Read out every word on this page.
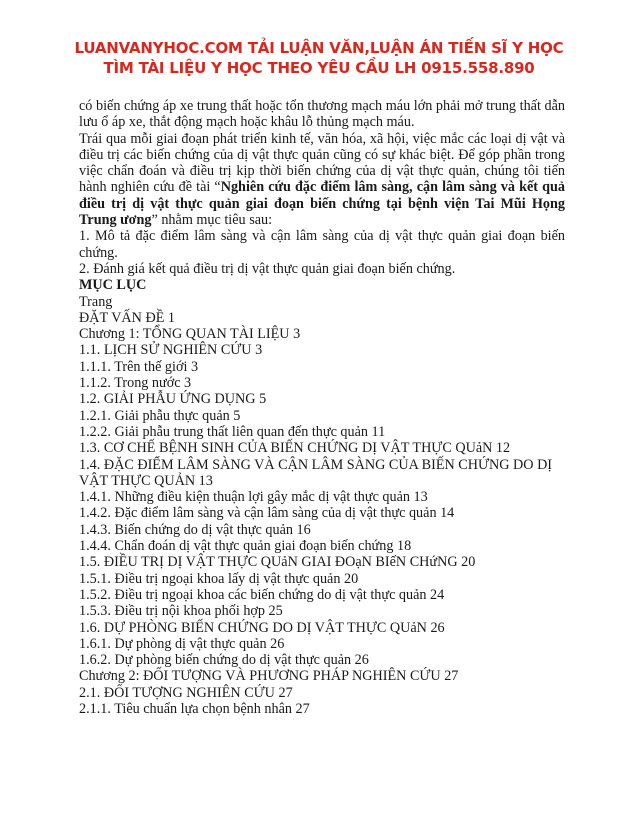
LUANVANYHOC.COM TẢI LUẬN VĂN,LUẬN ÁN TIẾN SĨ Y HỌC
TÌM TÀI LIỆU Y HỌC THEO YÊU CẦU LH 0915.558.890

có biến chứng áp xe trung thất hoặc tổn thương mạch máu lớn phải mở trung thất dẫn lưu ổ áp xe, thắt động mạch hoặc khâu lỗ thủng mạch máu.

Trái qua mỗi giai đoạn phát triển kinh tế, văn hóa, xã hội, việc mắc các loại dị vật và điều trị các biến chứng của dị vật thực quản cũng có sự khác biệt. Để góp phần trong việc chẩn đoán và điều trị kịp thời biến chứng của dị vật thực quản, chúng tôi tiến hành nghiên cứu đề tài “Nghiên cứu đặc điểm lâm sàng, cận lâm sàng và kết quả điều trị dị vật thực quản giai đoạn biến chứng tại bệnh viện Tai Mũi Họng Trung ương” nhằm mục tiêu sau:

1. Mô tả đặc điểm lâm sàng và cận lâm sàng của dị vật thực quản giai đoạn biến chứng.

2. Đánh giá kết quả điều trị dị vật thực quản giai đoạn biến chứng.

MỤC LỤC

Trang

ĐẶT VẤN ĐỀ 1
Chương 1: TỔNG QUAN TÀI LIỆU 3
1.1. LỊCH SỬ NGHIÊN CỨU 3
1.1.1. Trên thế giới 3
1.1.2. Trong nước 3
1.2. GIẢI PHẪU ỨNG DỤNG 5
1.2.1. Giải phẫu thực quản 5
1.2.2. Giải phẫu trung thất liên quan đến thực quản 11
1.3. CƠ CHẾ BỆNH SINH CỦA BIẾN CHỨNG DỊ VẬT THỰC QUảN 12
1.4. ĐẶC ĐIỂM LÂM SÀNG VÀ CẬN LÂM SÀNG CỦA BIẾN CHỨNG DO DỊ VẬT THỰC QUẢN 13
1.4.1. Những điều kiện thuận lợi gây mắc dị vật thực quản 13
1.4.2. Đặc điểm lâm sàng và cận lâm sàng của dị vật thực quản 14
1.4.3. Biến chứng do dị vật thực quản 16
1.4.4. Chẩn đoán dị vật thực quản giai đoạn biến chứng 18
1.5. ĐIỀU TRỊ DỊ VẬT THỰC QUảN GIAI ĐOạN BIếN CHứNG 20
1.5.1. Điều trị ngoại khoa lấy dị vật thực quản 20
1.5.2. Điều trị ngoại khoa các biến chứng do dị vật thực quản 24
1.5.3. Điều trị nội khoa phối hợp 25
1.6. DỰ PHÒNG BIẾN CHỨNG DO DỊ VẬT THỰC QUảN 26
1.6.1. Dự phòng dị vật thực quản 26
1.6.2. Dự phòng biến chứng do dị vật thực quản 26
Chương 2: ĐỐI TƯỢNG VÀ PHƯƠNG PHÁP NGHIÊN CỨU 27
2.1. ĐỐI TƯỢNG NGHIÊN CỨU 27
2.1.1. Tiêu chuẩn lựa chọn bệnh nhân 27
